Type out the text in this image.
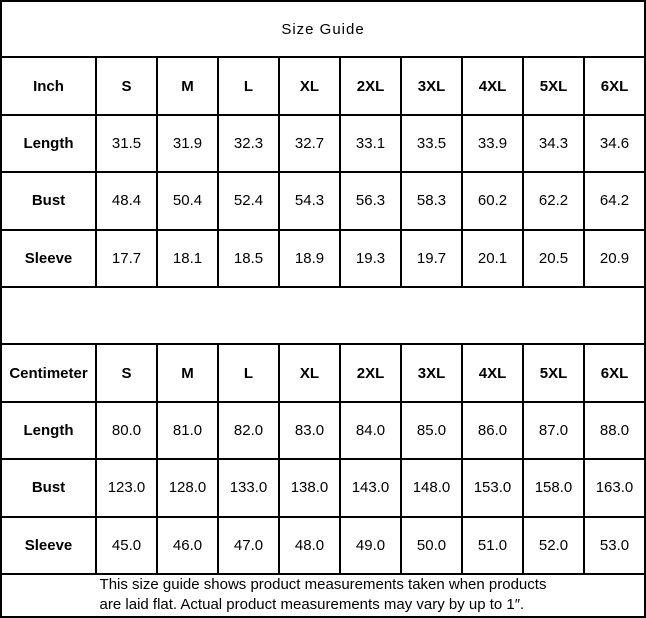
Size Guide									
Inch	S	M	L	XL	2XL	3XL	4XL	5XL	6XL
Length	31.5	31.9	32.3	32.7	33.1	33.5	33.9	34.3	34.6
Bust	48.4	50.4	52.4	54.3	56.3	58.3	60.2	62.2	64.2
Sleeve	17.7	18.1	18.5	18.9	19.3	19.7	20.1	20.5	20.9

Centimeter	S	M	L	XL	2XL	3XL	4XL	5XL	6XL
Length	80.0	81.0	82.0	83.0	84.0	85.0	86.0	87.0	88.0
Bust	123.0	128.0	133.0	138.0	143.0	148.0	153.0	158.0	163.0
Sleeve	45.0	46.0	47.0	48.0	49.0	50.0	51.0	52.0	53.0

This size guide shows product measurements taken when products
are laid flat. Actual product measurements may vary by up to 1″.									
